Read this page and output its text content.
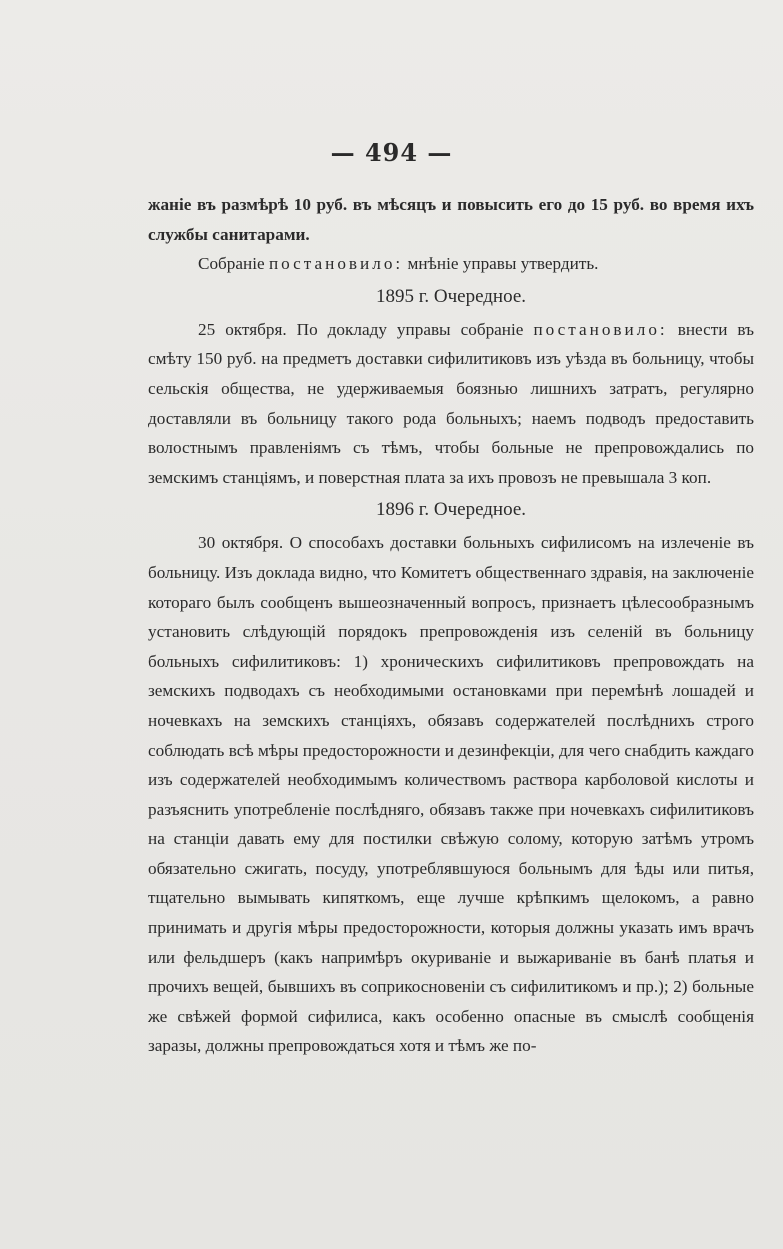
— 494 —

жаніе въ размѣрѣ 10 руб. въ мѣсяцъ и повысить его до 15 руб. во время ихъ службы санитарами.

Собраніе постановило: мнѣніе управы утвердить.

1895 г. Очередное.

25 октября. По докладу управы собраніе постановило: внести въ смѣту 150 руб. на предметъ доставки сифилитиковъ изъ уѣзда въ больницу, чтобы сельскія общества, не удерживаемыя боязнью лишнихъ затратъ, регулярно доставляли въ больницу такого рода больныхъ; наемъ подводъ предоставить волостнымъ правленіямъ съ тѣмъ, чтобы больные не препровождались по земскимъ станціямъ, и поверстная плата за ихъ провозъ не превышала 3 коп.

1896 г. Очередное.

30 октября. О способахъ доставки больныхъ сифилисомъ на излеченіе въ больницу. Изъ доклада видно, что Комитетъ общественнаго здравія, на заключеніе котораго былъ сообщенъ вышеозначенный вопросъ, признаетъ цѣлесообразнымъ установить слѣдующій порядокъ препровожденія изъ селеній въ больницу больныхъ сифилитиковъ: 1) хроническихъ сифилитиковъ препровождать на земскихъ подводахъ съ необходимыми остановками при перемѣнѣ лошадей и ночевкахъ на земскихъ станціяхъ, обязавъ содержателей послѣднихъ строго соблюдать всѣ мѣры предосторожности и дезинфекціи, для чего снабдить каждаго изъ содержателей необходимымъ количествомъ раствора карболовой кислоты и разъяснить употребленіе послѣдняго, обязавъ также при ночевкахъ сифилитиковъ на станціи давать ему для постилки свѣжую солому, которую затѣмъ утромъ обязательно сжигать, посуду, употреблявшуюся больнымъ для ѣды или питья, тщательно вымывать кипяткомъ, еще лучше крѣпкимъ щелокомъ, а равно принимать и другія мѣры предосторожности, которыя должны указать имъ врачъ или фельдшеръ (какъ напримѣръ окуриваніе и выжариваніе въ банѣ платья и прочихъ вещей, бывшихъ въ соприкосновеніи съ сифилитикомъ и пр.); 2) больные же свѣжей формой сифилиса, какъ особенно опасные въ смыслѣ сообщенія заразы, должны препровождаться хотя и тѣмъ же по-
